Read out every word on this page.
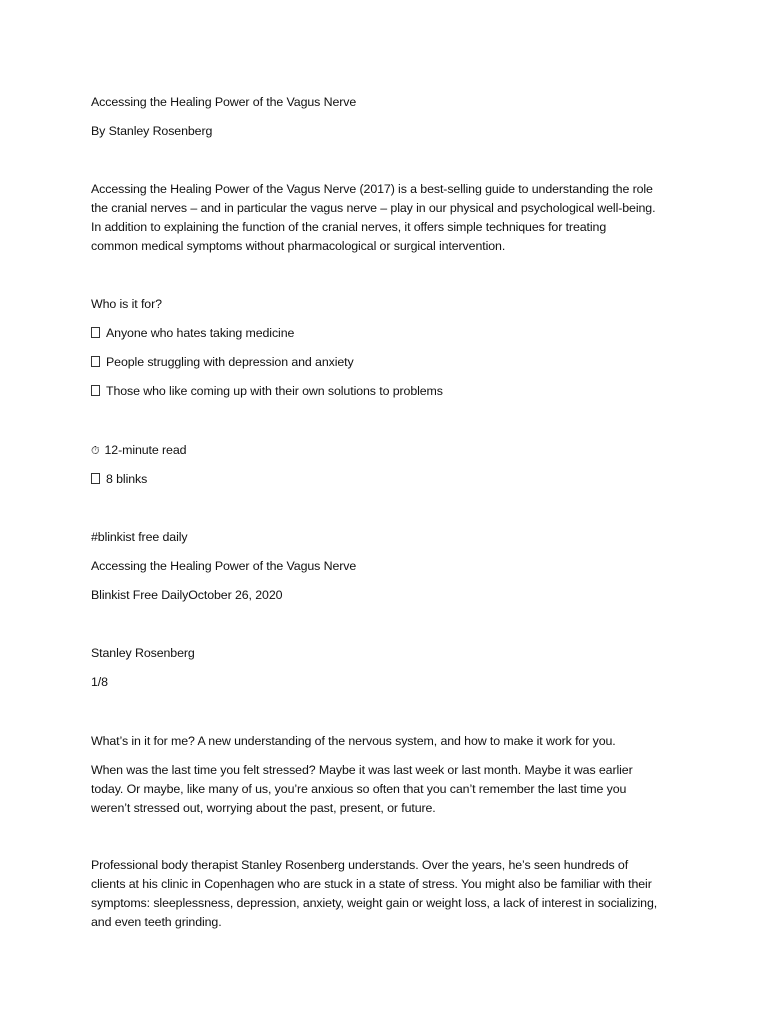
Accessing the Healing Power of the Vagus Nerve

By Stanley Rosenberg

Accessing the Healing Power of the Vagus Nerve (2017) is a best-selling guide to understanding the role
the cranial nerves – and in particular the vagus nerve – play in our physical and psychological well-being.
In addition to explaining the function of the cranial nerves, it offers simple techniques for treating
common medical symptoms without pharmacological or surgical intervention.

Who is it for?

Anyone who hates taking medicine

People struggling with depression and anxiety

Those who like coming up with their own solutions to problems

⏱ 12-minute read

8 blinks

#blinkist free daily

Accessing the Healing Power of the Vagus Nerve

Blinkist Free DailyOctober 26, 2020

Stanley Rosenberg

1/8

What’s in it for me? A new understanding of the nervous system, and how to make it work for you.

When was the last time you felt stressed? Maybe it was last week or last month. Maybe it was earlier
today. Or maybe, like many of us, you’re anxious so often that you can’t remember the last time you
weren’t stressed out, worrying about the past, present, or future.
Professional body therapist Stanley Rosenberg understands. Over the years, he’s seen hundreds of
clients at his clinic in Copenhagen who are stuck in a state of stress. You might also be familiar with their
symptoms: sleeplessness, depression, anxiety, weight gain or weight loss, a lack of interest in socializing,
and even teeth grinding.
